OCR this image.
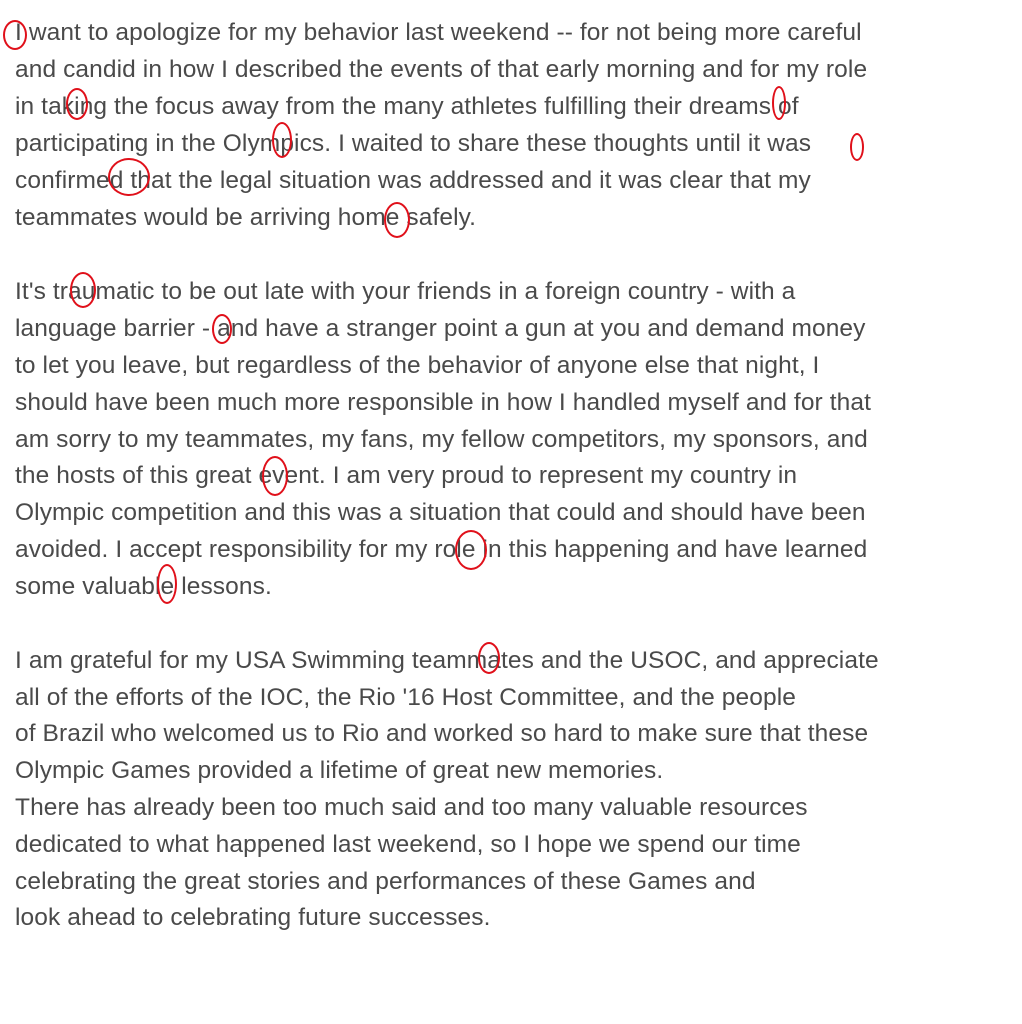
I want to apologize for my behavior last weekend -- for not being more careful
and candid in how I described the events of that early morning and for my role
in taking the focus away from the many athletes fulfilling their dreams of
participating in the Olympics. I waited to share these thoughts until it was
confirmed that the legal situation was addressed and it was clear that my
teammates would be arriving home safely.
It's traumatic to be out late with your friends in a foreign country - with a
language barrier - and have a stranger point a gun at you and demand money
to let you leave, but regardless of the behavior of anyone else that night, I
should have been much more responsible in how I handled myself and for that
am sorry to my teammates, my fans, my fellow competitors, my sponsors, and
the hosts of this great event. I am very proud to represent my country in
Olympic competition and this was a situation that could and should have been
avoided. I accept responsibility for my role in this happening and have learned
some valuable lessons.
I am grateful for my USA Swimming teammates and the USOC, and appreciate
all of the efforts of the IOC, the Rio '16 Host Committee, and the people
of Brazil who welcomed us to Rio and worked so hard to make sure that these
Olympic Games provided a lifetime of great new memories.
There has already been too much said and too many valuable resources
dedicated to what happened last weekend, so I hope we spend our time
celebrating the great stories and performances of these Games and
look ahead to celebrating future successes.
